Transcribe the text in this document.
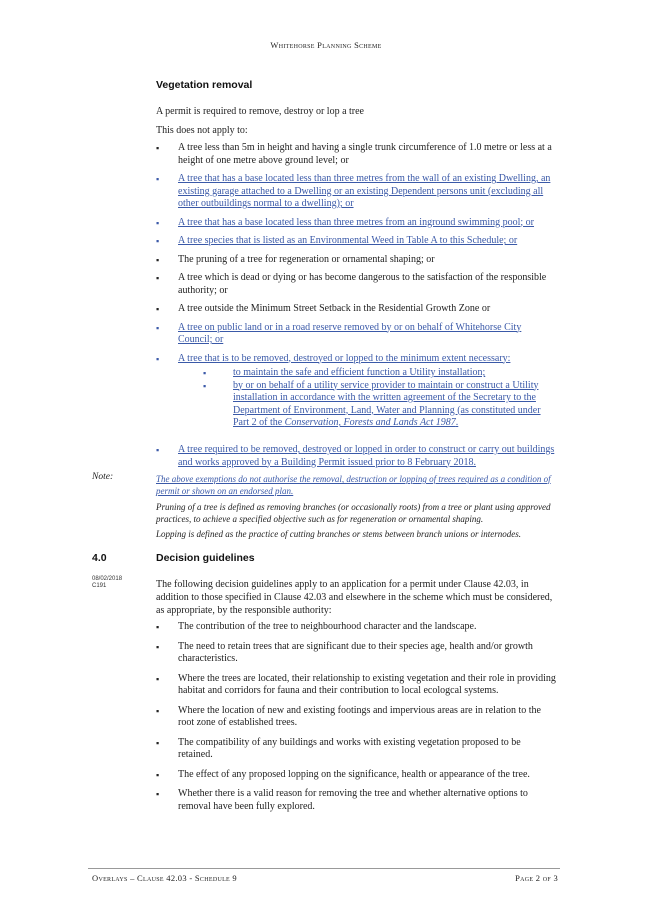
Whitehorse Planning Scheme
Vegetation removal
A permit is required to remove, destroy or lop a tree
This does not apply to:
▪ A tree less than 5m in height and having a single trunk circumference of 1.0 metre or less at a height of one metre above ground level; or
▪ A tree that has a base located less than three metres from the wall of an existing Dwelling, an existing garage attached to a Dwelling or an existing Dependent persons unit (excluding all other outbuildings normal to a dwelling); or
▪ A tree that has a base located less than three metres from an inground swimming pool; or
▪ A tree species that is listed as an Environmental Weed in Table A to this Schedule; or
▪ The pruning of a tree for regeneration or ornamental shaping; or
▪ A tree which is dead or dying or has become dangerous to the satisfaction of the responsible authority; or
▪ A tree outside the Minimum Street Setback in the Residential Growth Zone or
▪ A tree on public land or in a road reserve removed by or on behalf of Whitehorse City Council; or
▪ A tree that is to be removed, destroyed or lopped to the minimum extent necessary:
▪ to maintain the safe and efficient function a Utility installation;
▪ by or on behalf of a utility service provider to maintain or construct a Utility installation in accordance with the written agreement of the Secretary to the Department of Environment, Land, Water and Planning (as constituted under Part 2 of the Conservation, Forests and Lands Act 1987.
▪ A tree required to be removed, destroyed or lopped in order to construct or carry out buildings and works approved by a Building Permit issued prior to 8 February 2018.
Note:	The above exemptions do not authorise the removal, destruction or lopping of trees required as a condition of permit or shown on an endorsed plan.
Pruning of a tree is defined as removing branches (or occasionally roots) from a tree or plant using approved practices, to achieve a specified objective such as for regeneration or ornamental shaping.
Lopping is defined as the practice of cutting branches or stems between branch unions or internodes.
4.0	Decision guidelines
08/02/2018
C191	The following decision guidelines apply to an application for a permit under Clause 42.03, in addition to those specified in Clause 42.03 and elsewhere in the scheme which must be considered, as appropriate, by the responsible authority:
▪ The contribution of the tree to neighbourhood character and the landscape.
▪ The need to retain trees that are significant due to their species age, health and/or growth characteristics.
▪ Where the trees are located, their relationship to existing vegetation and their role in providing habitat and corridors for fauna and their contribution to local ecologcal systems.
▪ Where the location of new and existing footings and impervious areas are in relation to the root zone of established trees.
▪ The compatibility of any buildings and works with existing vegetation proposed to be retained.
▪ The effect of any proposed lopping on the significance, health or appearance of the tree.
▪ Whether there is a valid reason for removing the tree and whether alternative options to removal have been fully explored.
Overlays – Clause 42.03 - Schedule 9	Page 2 of 3
